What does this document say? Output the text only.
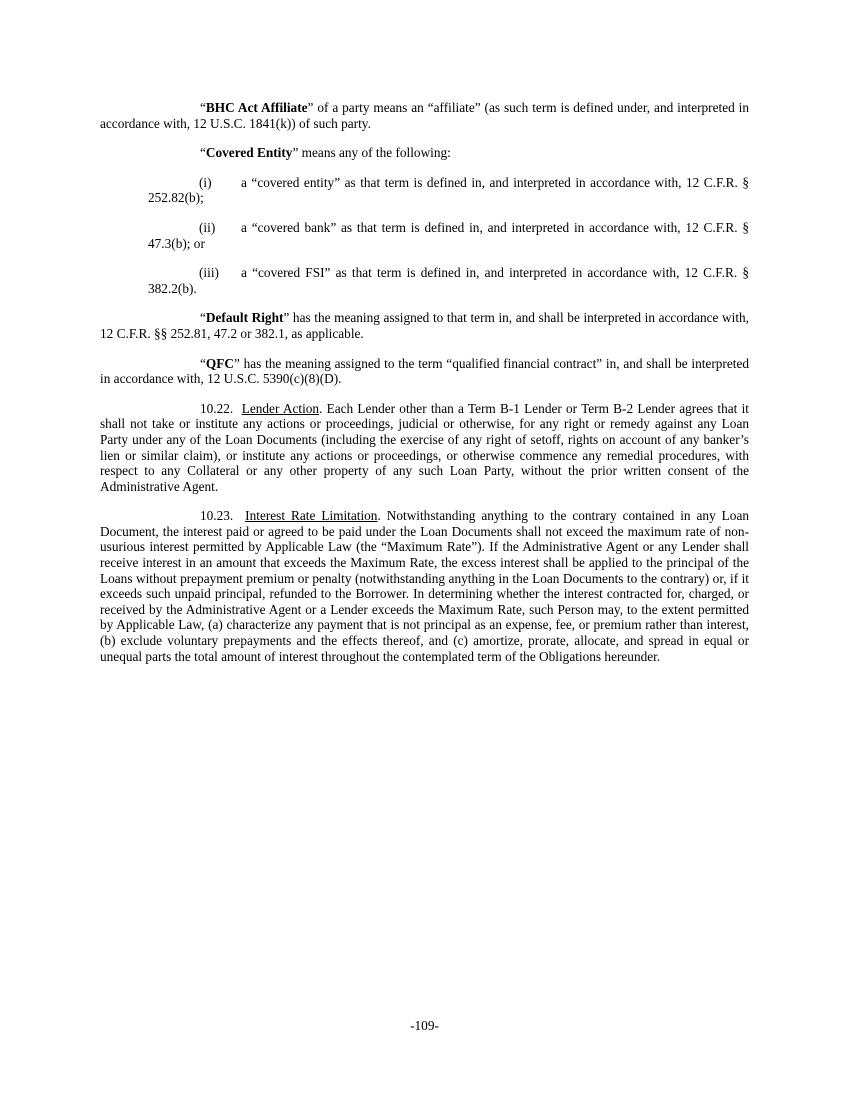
“BHC Act Affiliate” of a party means an “affiliate” (as such term is defined under, and interpreted in accordance with, 12 U.S.C. 1841(k)) of such party.

“Covered Entity” means any of the following:

(i) a “covered entity” as that term is defined in, and interpreted in accordance with, 12 C.F.R. § 252.82(b);

(ii) a “covered bank” as that term is defined in, and interpreted in accordance with, 12 C.F.R. § 47.3(b); or

(iii) a “covered FSI” as that term is defined in, and interpreted in accordance with, 12 C.F.R. § 382.2(b).

“Default Right” has the meaning assigned to that term in, and shall be interpreted in accordance with, 12 C.F.R. §§ 252.81, 47.2 or 382.1, as applicable.

“QFC” has the meaning assigned to the term “qualified financial contract” in, and shall be interpreted in accordance with, 12 U.S.C. 5390(c)(8)(D).

10.22. Lender Action. Each Lender other than a Term B-1 Lender or Term B-2 Lender agrees that it shall not take or institute any actions or proceedings, judicial or otherwise, for any right or remedy against any Loan Party under any of the Loan Documents (including the exercise of any right of setoff, rights on account of any banker’s lien or similar claim), or institute any actions or proceedings, or otherwise commence any remedial procedures, with respect to any Collateral or any other property of any such Loan Party, without the prior written consent of the Administrative Agent.

10.23. Interest Rate Limitation. Notwithstanding anything to the contrary contained in any Loan Document, the interest paid or agreed to be paid under the Loan Documents shall not exceed the maximum rate of non-usurious interest permitted by Applicable Law (the “Maximum Rate”). If the Administrative Agent or any Lender shall receive interest in an amount that exceeds the Maximum Rate, the excess interest shall be applied to the principal of the Loans without prepayment premium or penalty (notwithstanding anything in the Loan Documents to the contrary) or, if it exceeds such unpaid principal, refunded to the Borrower. In determining whether the interest contracted for, charged, or received by the Administrative Agent or a Lender exceeds the Maximum Rate, such Person may, to the extent permitted by Applicable Law, (a) characterize any payment that is not principal as an expense, fee, or premium rather than interest, (b) exclude voluntary prepayments and the effects thereof, and (c) amortize, prorate, allocate, and spread in equal or unequal parts the total amount of interest throughout the contemplated term of the Obligations hereunder.

-109-
